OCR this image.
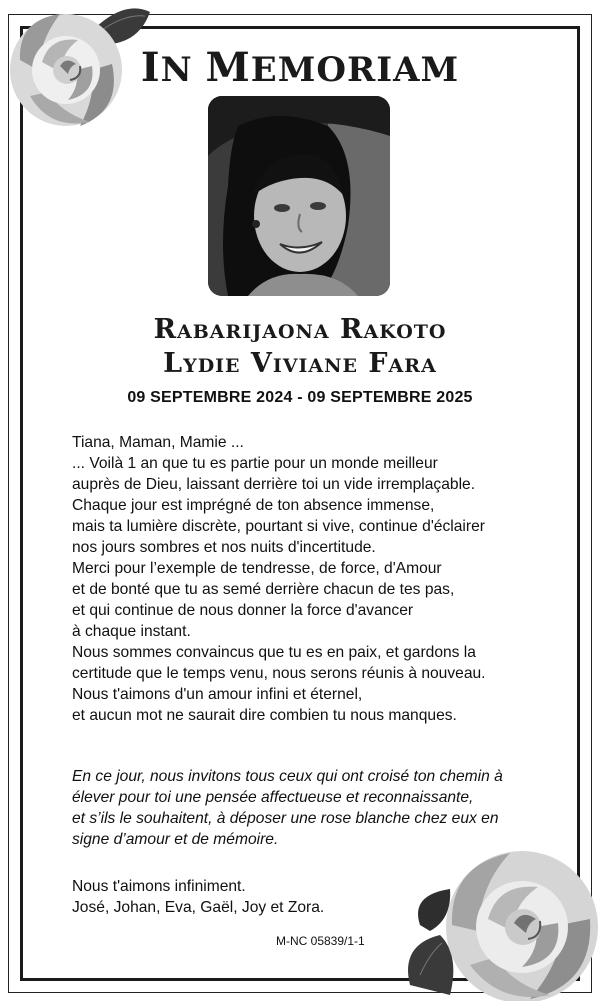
IN MEMORIAM
Rabarijaona Rakoto
Lydie Viviane Fara
09 SEPTEMBRE 2024 - 09 SEPTEMBRE 2025
Tiana, Maman, Mamie ...
... Voilà 1 an que tu es partie pour un monde meilleur
auprès de Dieu, laissant derrière toi un vide irremplaçable.
Chaque jour est imprégné de ton absence immense,
mais ta lumière discrète, pourtant si vive, continue d'éclairer
nos jours sombres et nos nuits d'incertitude.
Merci pour l’exemple de tendresse, de force, d'Amour
et de bonté que tu as semé derrière chacun de tes pas,
et qui continue de nous donner la force d'avancer
à chaque instant.
Nous sommes convaincus que tu es en paix, et gardons la
certitude que le temps venu, nous serons réunis à nouveau.
Nous t'aimons d'un amour infini et éternel,
et aucun mot ne saurait dire combien tu nous manques.
En ce jour, nous invitons tous ceux qui ont croisé ton chemin à
élever pour toi une pensée affectueuse et reconnaissante,
et s’ils le souhaitent, à déposer une rose blanche chez eux en
signe d’amour et de mémoire.
Nous t'aimons infiniment.
José, Johan, Eva, Gaël, Joy et Zora.
M-NC 05839/1-1
